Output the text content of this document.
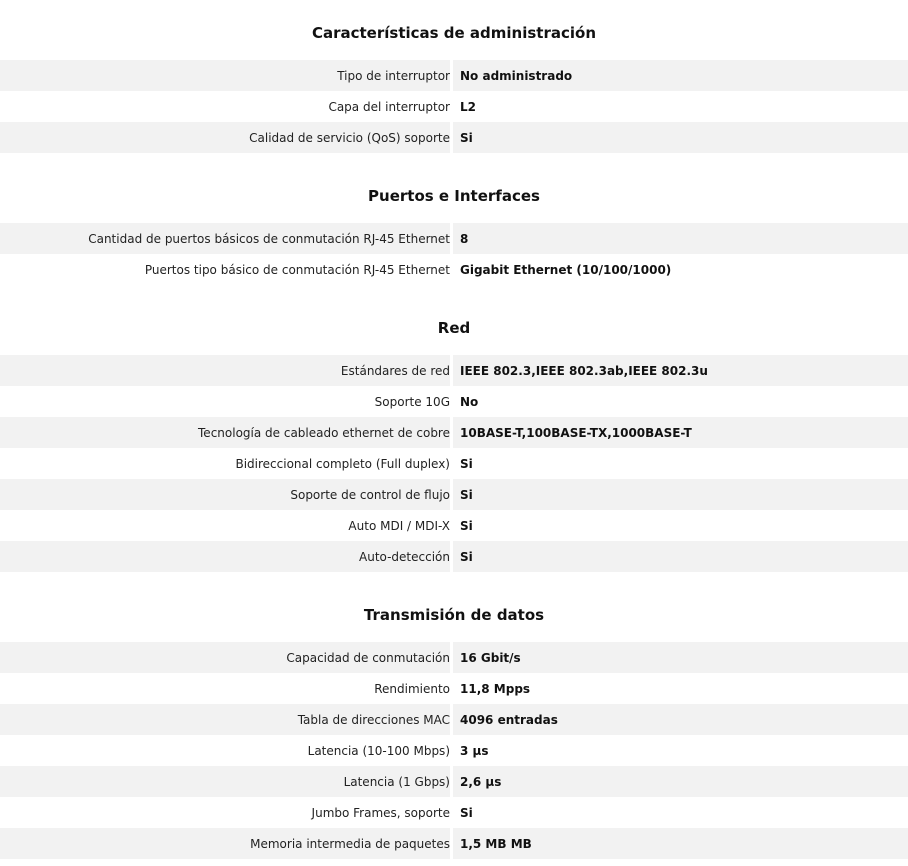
Características de administración
Tipo de interruptor No administrado
Capa del interruptor L2
Calidad de servicio (QoS) soporte Si
Puertos e Interfaces
Cantidad de puertos básicos de conmutación RJ-45 Ethernet 8
Puertos tipo básico de conmutación RJ-45 Ethernet Gigabit Ethernet (10/100/1000)
Red
Estándares de red IEEE 802.3,IEEE 802.3ab,IEEE 802.3u
Soporte 10G No
Tecnología de cableado ethernet de cobre 10BASE-T,100BASE-TX,1000BASE-T
Bidireccional completo (Full duplex) Si
Soporte de control de flujo Si
Auto MDI / MDI-X Si
Auto-detección Si
Transmisión de datos
Capacidad de conmutación 16 Gbit/s
Rendimiento 11,8 Mpps
Tabla de direcciones MAC 4096 entradas
Latencia (10-100 Mbps) 3 µs
Latencia (1 Gbps) 2,6 µs
Jumbo Frames, soporte Si
Memoria intermedia de paquetes 1,5 MB MB
